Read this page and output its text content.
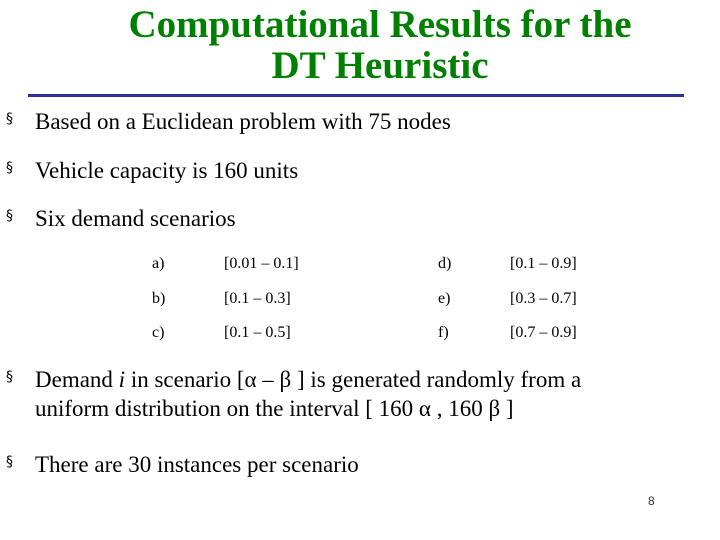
Computational Results for the
DT Heuristic
§ Based on a Euclidean problem with 75 nodes
§ Vehicle capacity is 160 units
§ Six demand scenarios
a)	[0.01 – 0.1]	d)	[0.1 – 0.9]
b)	[0.1 – 0.3]	e)	[0.3 – 0.7]
c)	[0.1 – 0.5]	f)	[0.7 – 0.9]
§ Demand i in scenario [α – β ] is generated randomly from a
uniform distribution on the interval [ 160 α , 160 β ]
§ There are 30 instances per scenario
8
